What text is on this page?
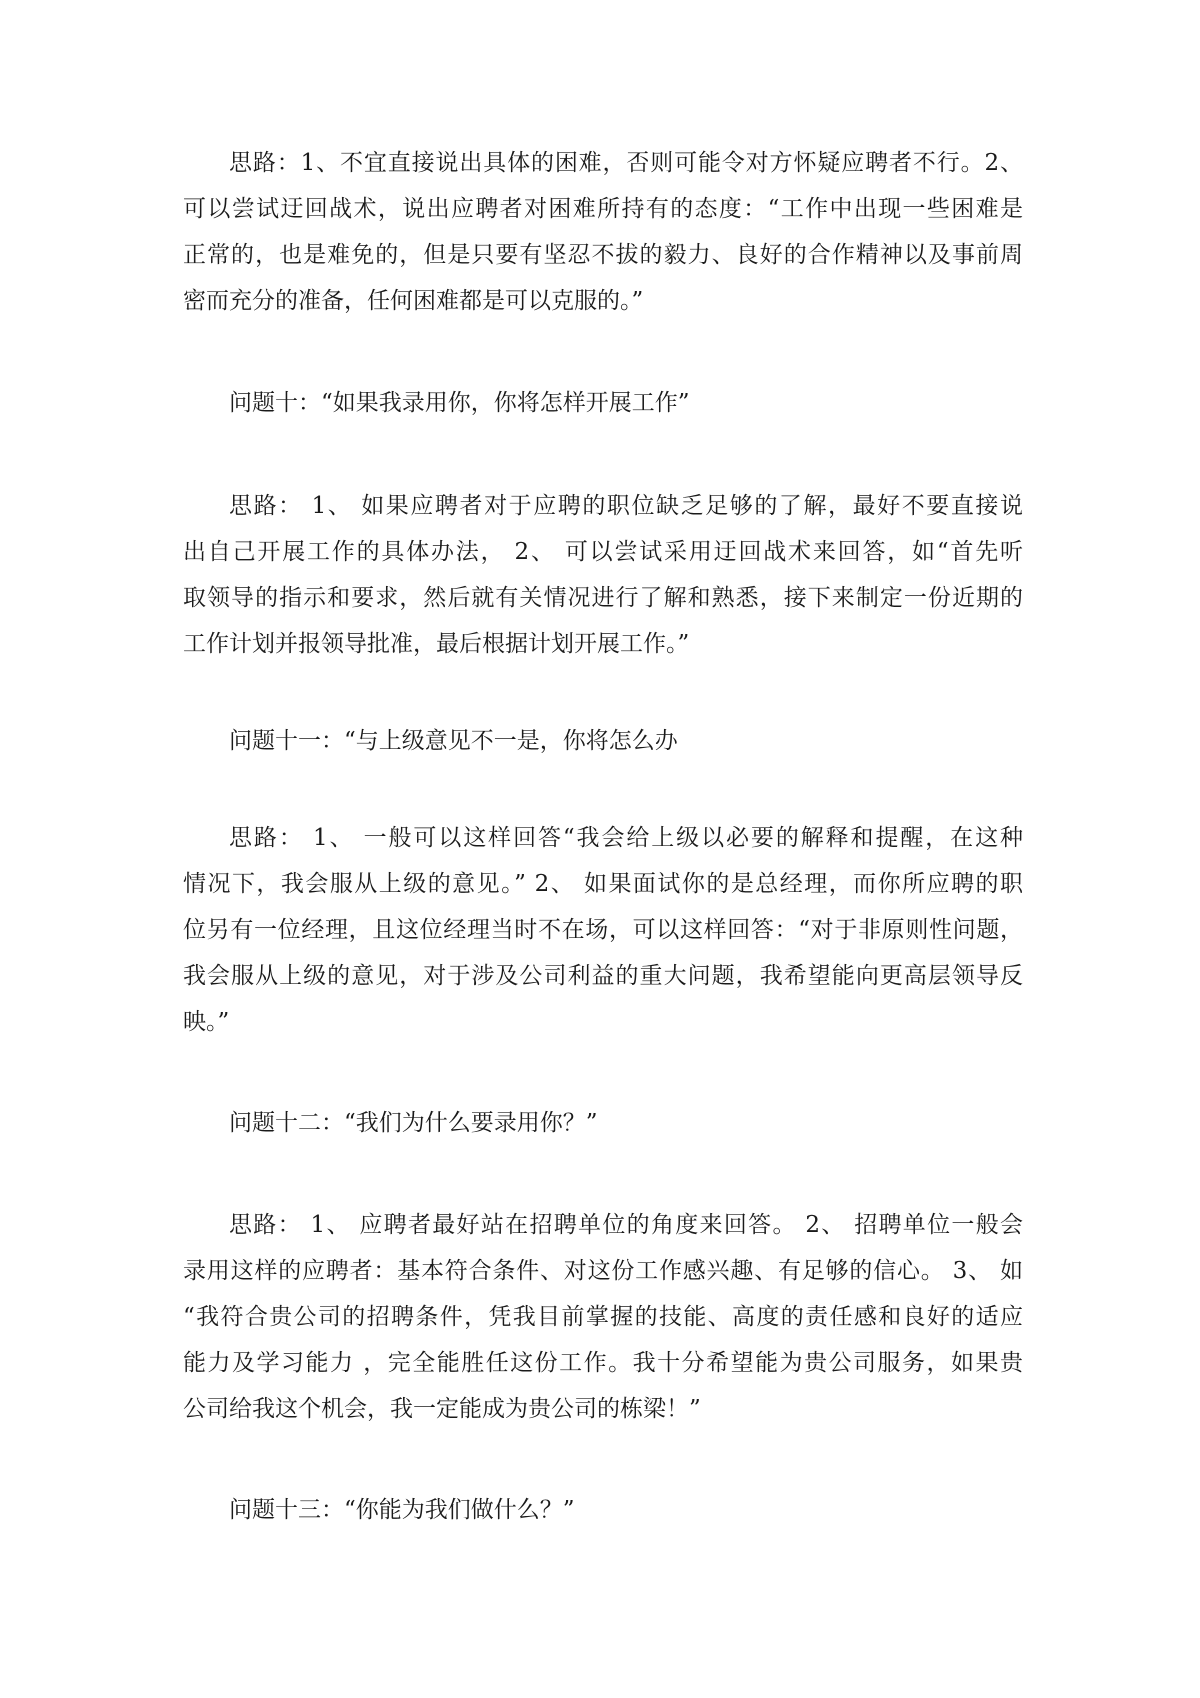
思路：1、不宜直接说出具体的困难，否则可能令对方怀疑应聘者不行。2、
可以尝试迂回战术，说出应聘者对困难所持有的态度：“工作中出现一些困难是
正常的，也是难免的，但是只要有坚忍不拔的毅力、良好的合作精神以及事前周
密而充分的准备，任何困难都是可以克服的。”
问题十：“如果我录用你，你将怎样开展工作”
思路： 1、 如果应聘者对于应聘的职位缺乏足够的了解，最好不要直接说
出自己开展工作的具体办法， 2、 可以尝试采用迂回战术来回答，如“首先听
取领导的指示和要求，然后就有关情况进行了解和熟悉，接下来制定一份近期的
工作计划并报领导批准，最后根据计划开展工作。”
问题十一：“与上级意见不一是，你将怎么办
思路： 1、 一般可以这样回答“我会给上级以必要的解释和提醒，在这种
情况下，我会服从上级的意见。” 2、 如果面试你的是总经理，而你所应聘的职
位另有一位经理，且这位经理当时不在场，可以这样回答：“对于非原则性问题，
我会服从上级的意见，对于涉及公司利益的重大问题，我希望能向更高层领导反
映。”
问题十二：“我们为什么要录用你？”
思路： 1、 应聘者最好站在招聘单位的角度来回答。 2、 招聘单位一般会
录用这样的应聘者：基本符合条件、对这份工作感兴趣、有足够的信心。 3、 如
“我符合贵公司的招聘条件，凭我目前掌握的技能、高度的责任感和良好的适应
能力及学习能力 ，完全能胜任这份工作。我十分希望能为贵公司服务，如果贵
公司给我这个机会，我一定能成为贵公司的栋梁！”
问题十三：“你能为我们做什么？”
